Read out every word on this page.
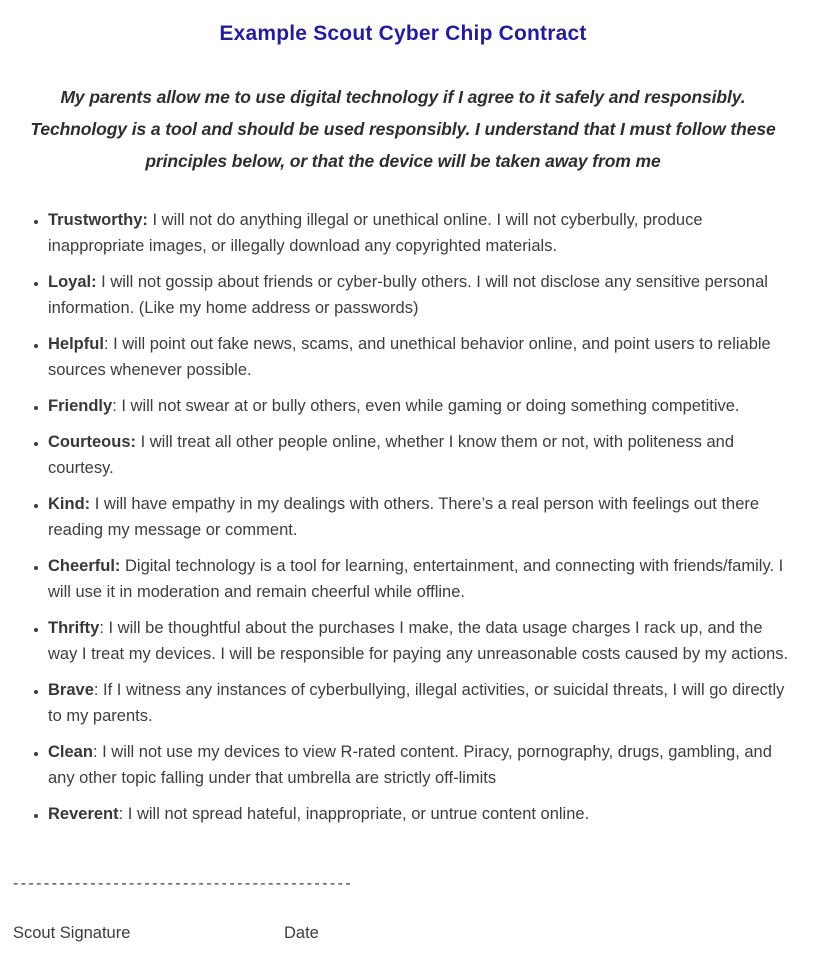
Example Scout Cyber Chip Contract

My parents allow me to use digital technology if I agree to it safely and responsibly. Technology is a tool and should be used responsibly. I understand that I must follow these principles below, or that the device will be taken away from me

• Trustworthy: I will not do anything illegal or unethical online. I will not cyberbully, produce inappropriate images, or illegally download any copyrighted materials.
• Loyal: I will not gossip about friends or cyber-bully others. I will not disclose any sensitive personal information. (Like my home address or passwords)
• Helpful: I will point out fake news, scams, and unethical behavior online, and point users to reliable sources whenever possible.
• Friendly: I will not swear at or bully others, even while gaming or doing something competitive.
• Courteous: I will treat all other people online, whether I know them or not, with politeness and courtesy.
• Kind: I will have empathy in my dealings with others. There’s a real person with feelings out there reading my message or comment.
• Cheerful: Digital technology is a tool for learning, entertainment, and connecting with friends/family. I will use it in moderation and remain cheerful while offline.
• Thrifty: I will be thoughtful about the purchases I make, the data usage charges I rack up, and the way I treat my devices. I will be responsible for paying any unreasonable costs caused by my actions.
• Brave: If I witness any instances of cyberbullying, illegal activities, or suicidal threats, I will go directly to my parents.
• Clean: I will not use my devices to view R-rated content. Piracy, pornography, drugs, gambling, and any other topic falling under that umbrella are strictly off-limits
• Reverent: I will not spread hateful, inappropriate, or untrue content online.
--------------------------------------------
Scout Signature	Date
